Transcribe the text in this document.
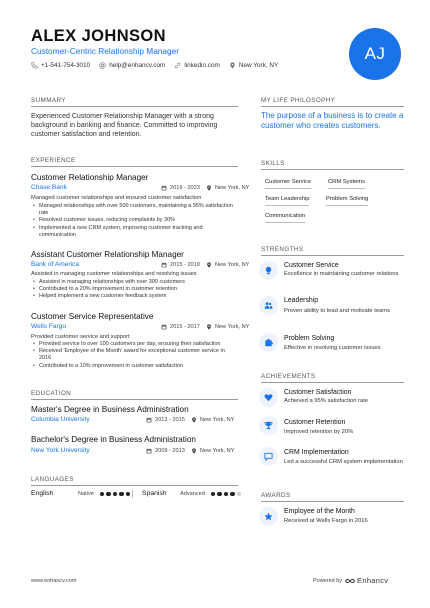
ALEX JOHNSON
Customer-Centric Relationship Manager
+1-541-754-3010	help@enhancv.com	linkedin.com	New York, NY
AJ
SUMMARY
Experienced Customer Relationship Manager with a strong background in banking and finance. Committed to improving customer satisfaction and retention.
EXPERIENCE
Customer Relationship Manager
Chase Bank	2019 - 2023	New York, NY
Managed customer relationships and ensured customer satisfaction
• Managed relationships with over 500 customers, maintaining a 95% satisfaction rate
• Resolved customer issues, reducing complaints by 30%
• Implemented a new CRM system, improving customer tracking and communication
Assistant Customer Relationship Manager
Bank of America	2015 - 2019	New York, NY
Assisted in managing customer relationships and resolving issues
• Assisted in managing relationships with over 300 customers
• Contributed to a 20% improvement in customer retention
• Helped implement a new customer feedback system
Customer Service Representative
Wells Fargo	2015 - 2017	New York, NY
Provided customer service and support
• Provided service to over 100 customers per day, ensuring their satisfaction
• Received 'Employee of the Month' award for exceptional customer service in 2016
• Contributed to a 10% improvement in customer satisfaction
EDUCATION
Master's Degree in Business Administration
Columbia University	2013 - 2015	New York, NY
Bachelor's Degree in Business Administration
New York University	2009 - 2013	New York, NY
LANGUAGES
English	Native	Spanish Advanced
MY LIFE PHILOSOPHY
The purpose of a business is to create a customer who creates customers.
SKILLS
Customer Service	CRM Systems
Team Leadership	Problem Solving
Communication
STRENGTHS
Customer Service
Excellence in maintaining customer relations
Leadership
Proven ability to lead and motivate teams
Problem Solving
Effective in resolving customer issues
ACHIEVEMENTS
Customer Satisfaction
Achieved a 95% satisfaction rate
Customer Retention
Improved retention by 20%
CRM Implementation
Led a successful CRM system implementation
AWARDS
Employee of the Month
Received at Wells Fargo in 2016
www.enhancv.com	Powered by Enhancv
